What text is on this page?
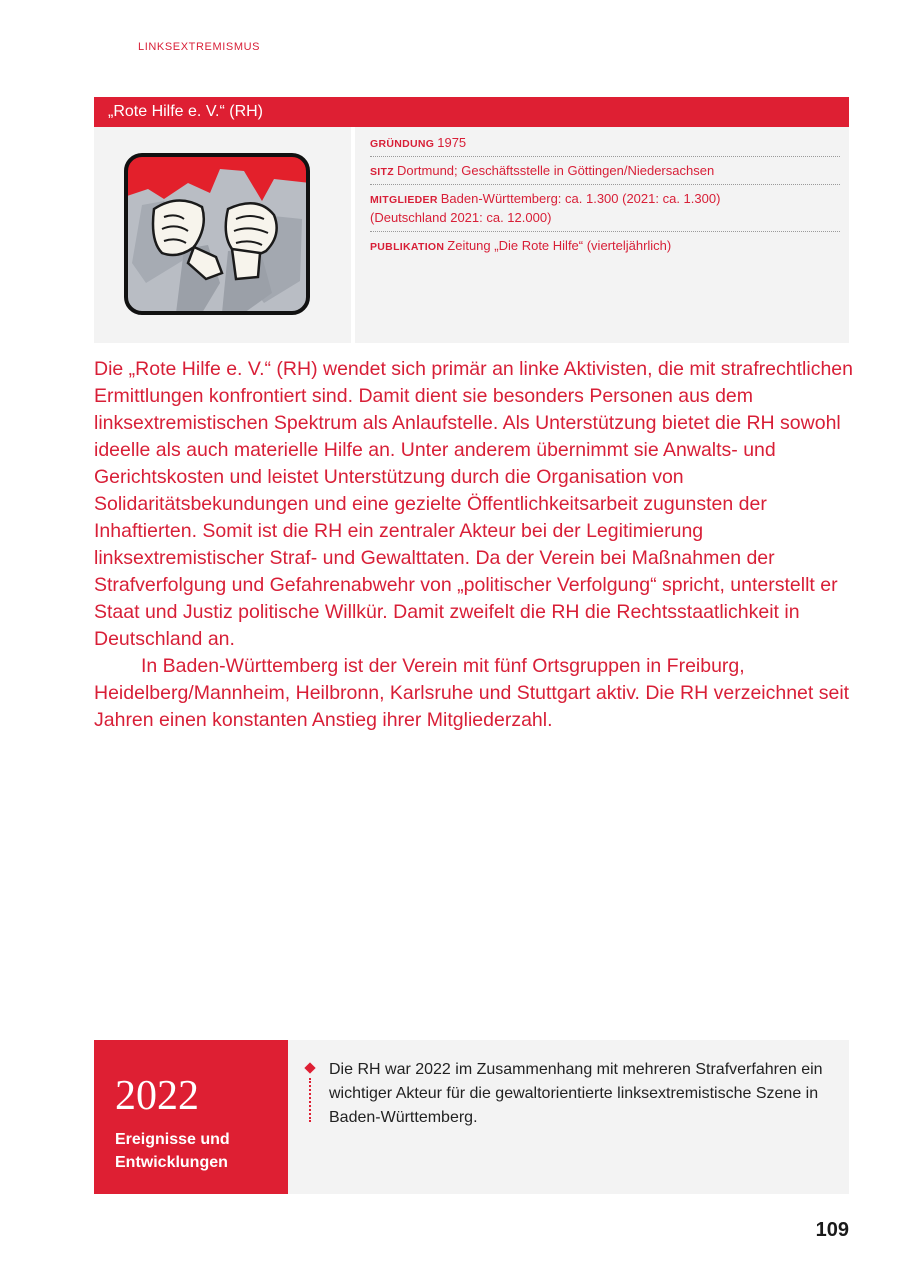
LINKSEXTREMISMUS
„Rote Hilfe e. V.“ (RH)
GRÜNDUNG 1975
SITZ Dortmund; Geschäftsstelle in Göttingen/Niedersachsen
MITGLIEDER Baden-Württemberg: ca. 1.300 (2021: ca. 1.300)
(Deutschland 2021: ca. 12.000)
PUBLIKATION Zeitung „Die Rote Hilfe“ (vierteljährlich)

Die „Rote Hilfe e. V.“ (RH) wendet sich primär an linke Aktivisten, die mit strafrechtlichen Ermittlungen konfrontiert sind. Damit dient sie besonders Personen aus dem linksextremistischen Spektrum als Anlaufstelle. Als Unterstützung bietet die RH sowohl ideelle als auch materielle Hilfe an. Unter anderem übernimmt sie Anwalts- und Gerichtskosten und leistet Unterstützung durch die Organisation von Solidaritätsbekundungen und eine gezielte Öffentlichkeitsarbeit zugunsten der Inhaftierten. Somit ist die RH ein zentraler Akteur bei der Legitimierung linksextremistischer Straf- und Gewalttaten. Da der Verein bei Maßnahmen der Strafverfolgung und Gefahrenabwehr von „politischer Verfolgung“ spricht, unterstellt er Staat und Justiz politische Willkür. Damit zweifelt die RH die Rechtsstaatlichkeit in Deutschland an.

In Baden-Württemberg ist der Verein mit fünf Ortsgruppen in Freiburg, Heidelberg/Mannheim, Heilbronn, Karlsruhe und Stuttgart aktiv. Die RH verzeichnet seit Jahren einen konstanten Anstieg ihrer Mitgliederzahl.

2022
Ereignisse und
Entwicklungen
Die RH war 2022 im Zusammenhang mit mehreren Strafverfahren ein wichtiger Akteur für die gewaltorientierte linksextremistische Szene in Baden-Württemberg.
109
